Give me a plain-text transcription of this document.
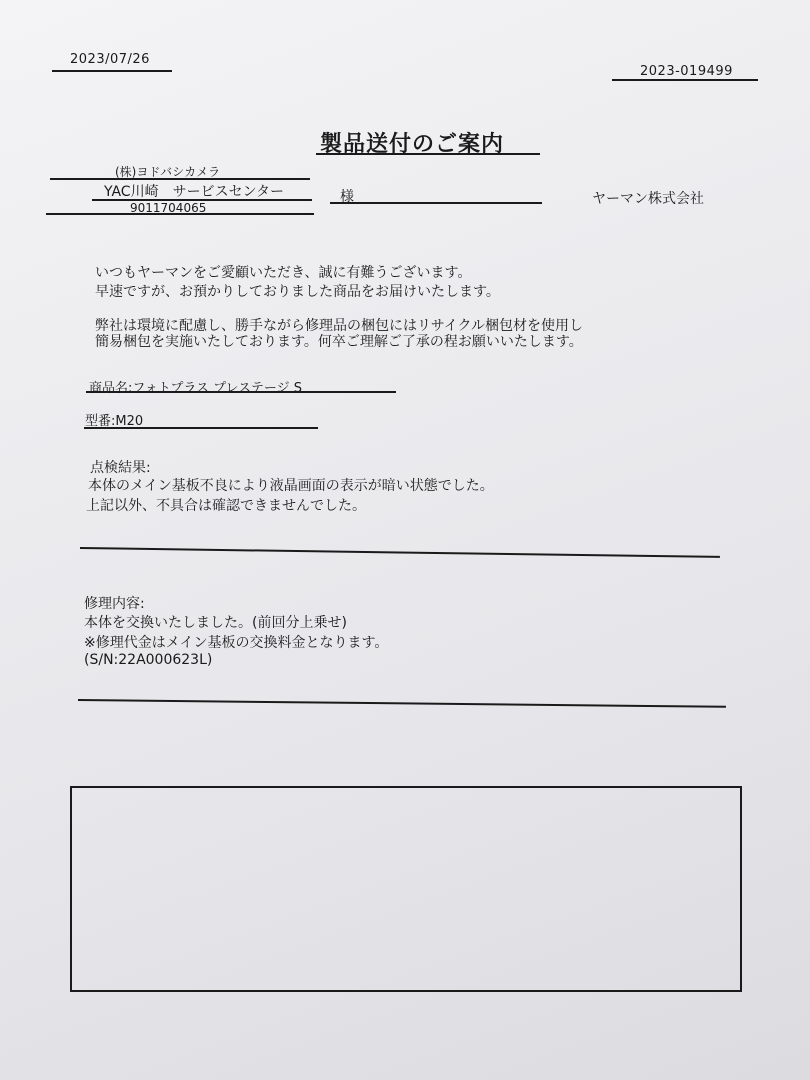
2023/07/26
2023-019499
製品送付のご案内
(株)ヨドバシカメラ
YAC川崎　サービスセンター	様
9011704065
ヤーマン株式会社
いつもヤーマンをご愛顧いただき、誠に有難うございます。
早速ですが、お預かりしておりました商品をお届けいたします。
弊社は環境に配慮し、勝手ながら修理品の梱包にはリサイクル梱包材を使用し
簡易梱包を実施いたしております。何卒ご理解ご了承の程お願いいたします。
商品名:フォトプラス プレステージ S
型番:M20
点検結果:
本体のメイン基板不良により液晶画面の表示が暗い状態でした。
上記以外、不具合は確認できませんでした。
修理内容:
本体を交換いたしました。(前回分上乗せ)
※修理代金はメイン基板の交換料金となります。
(S/N:22A000623L)
